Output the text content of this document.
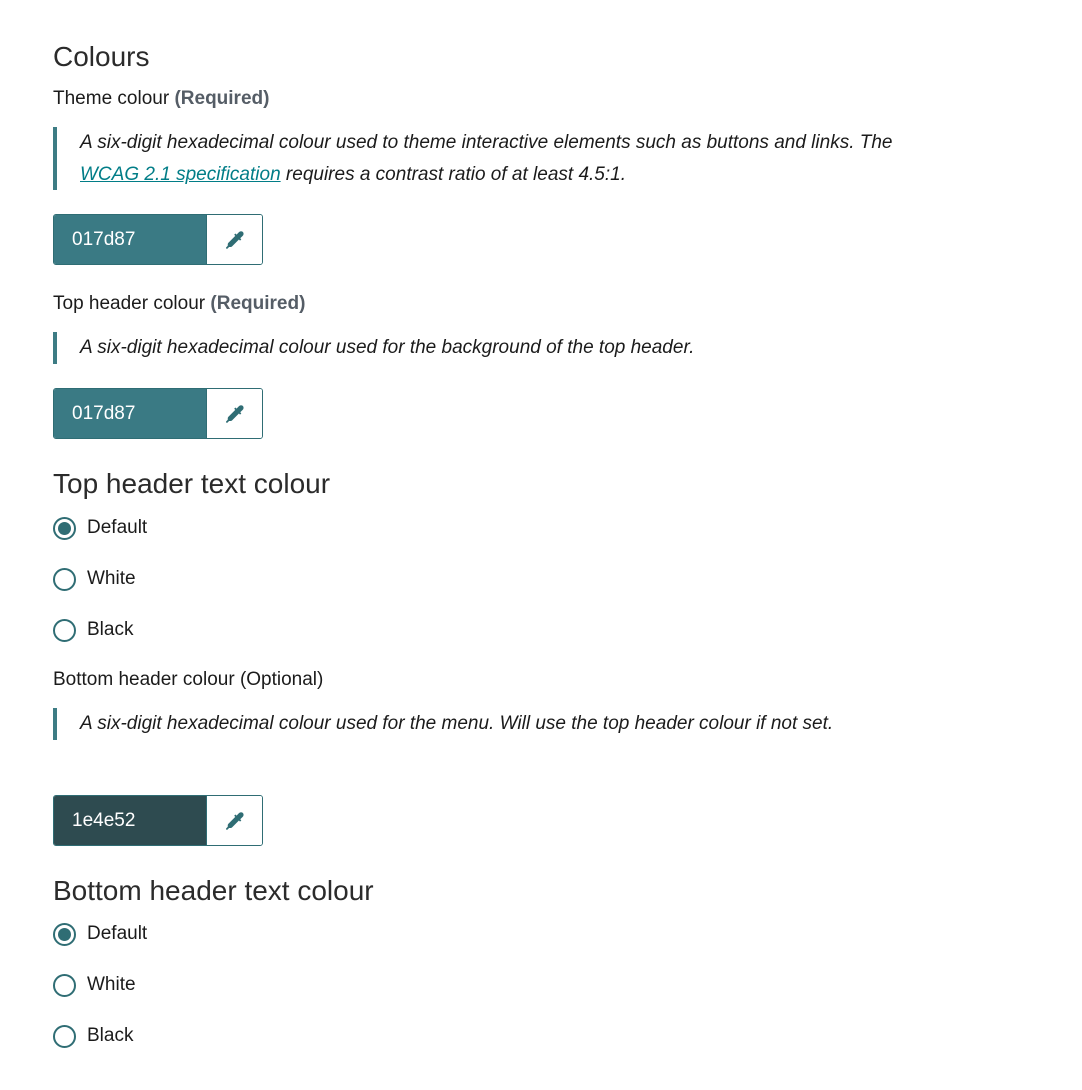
Colours
Theme colour (Required)
A six-digit hexadecimal colour used to theme interactive elements such as buttons and links. The WCAG 2.1 specification requires a contrast ratio of at least 4.5:1.
017d87
Top header colour (Required)
A six-digit hexadecimal colour used for the background of the top header.
017d87
Top header text colour
Default
White
Black
Bottom header colour (Optional)
A six-digit hexadecimal colour used for the menu. Will use the top header colour if not set.
1e4e52
Bottom header text colour
Default
White
Black
